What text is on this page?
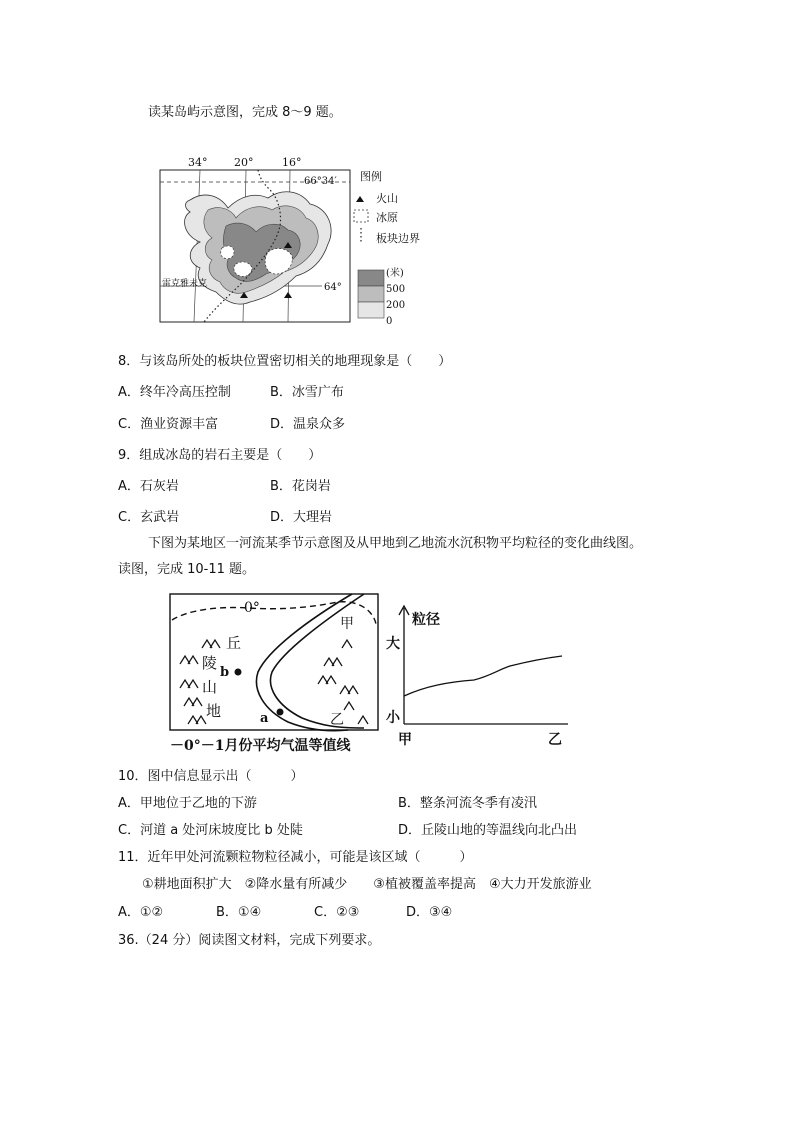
读某岛屿示意图，完成 8～9 题。
34° 20°	16°
66°34′
64°
雷克雅未克
图例
火山
冰原
板块边界
(米)
500
200
0
8．与该岛所处的板块位置密切相关的地理现象是（　　）
A．终年冷高压控制	B．冰雪广布
C．渔业资源丰富	D．温泉众多
9．组成冰岛的岩石主要是（　　）
A．石灰岩	B．花岗岩
C．玄武岩	D．大理岩
下图为某地区一河流某季节示意图及从甲地到乙地流水沉积物平均粒径的变化曲线图。
读图，完成 10-11 题。
0°
甲
乙
丘
陵
山
地	a
b
－0°－1月份平均气温等值线
粒径
大
小
甲	乙
10．图中信息显示出（　　　）
A．甲地位于乙地的下游	B．整条河流冬季有凌汛
C．河道 a 处河床坡度比 b 处陡	D．丘陵山地的等温线向北凸出
11．近年甲处河流颗粒物粒径减小，可能是该区域（　　　）
①耕地面积扩大　②降水量有所减少　　③植被覆盖率提高　④大力开发旅游业
A．①②	B．①④	C．②③	D．③④
36.（24 分）阅读图文材料，完成下列要求。
